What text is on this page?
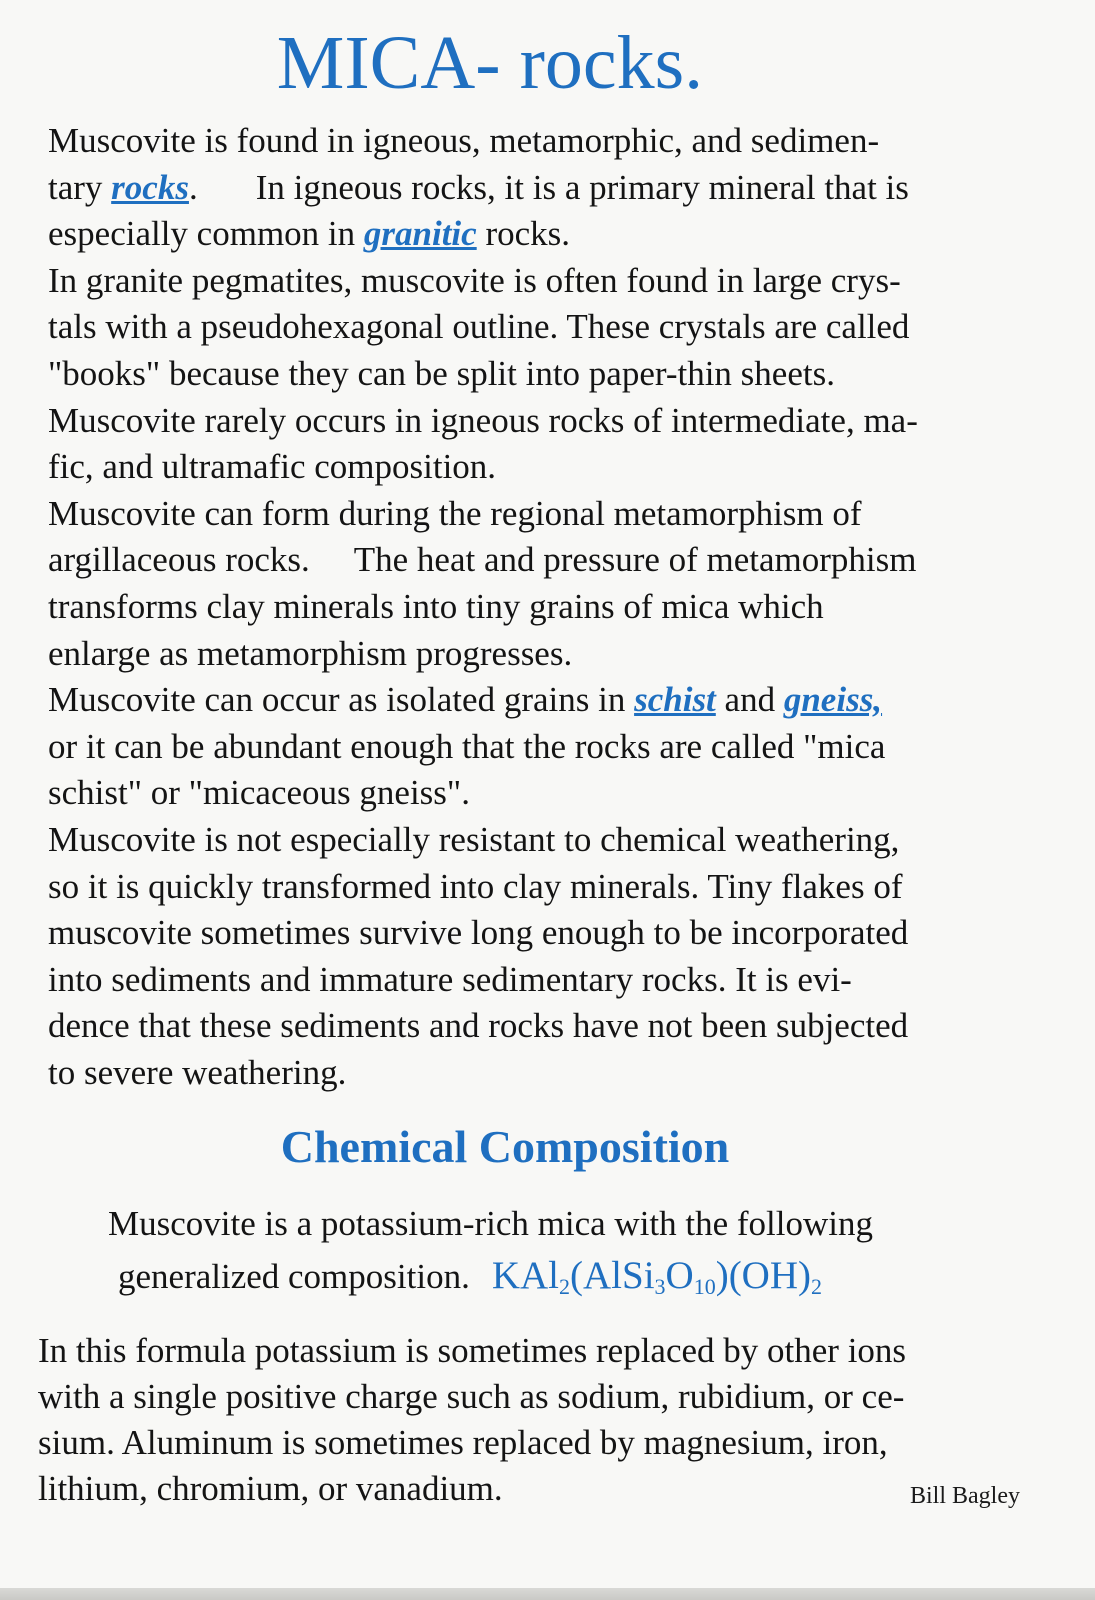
MICA- rocks.
Muscovite is found in igneous, metamorphic, and sedimen-
tary rocks. In igneous rocks, it is a primary mineral that is
especially common in granitic rocks.
In granite pegmatites, muscovite is often found in large crys-
tals with a pseudohexagonal outline. These crystals are called
"books" because they can be split into paper-thin sheets.
Muscovite rarely occurs in igneous rocks of intermediate, ma-
fic, and ultramafic composition.
Muscovite can form during the regional metamorphism of
argillaceous rocks. The heat and pressure of metamorphism
transforms clay minerals into tiny grains of mica which
enlarge as metamorphism progresses.
Muscovite can occur as isolated grains in schist and gneiss,
or it can be abundant enough that the rocks are called "mica
schist" or "micaceous gneiss".
Muscovite is not especially resistant to chemical weathering,
so it is quickly transformed into clay minerals. Tiny flakes of
muscovite sometimes survive long enough to be incorporated
into sediments and immature sedimentary rocks. It is evi-
dence that these sediments and rocks have not been subjected
to severe weathering.
Chemical Composition
Muscovite is a potassium-rich mica with the following
generalized composition. $KAl_2(AlSi_3O_{10})(OH)_2$
In this formula potassium is sometimes replaced by other ions
with a single positive charge such as sodium, rubidium, or ce-
sium. Aluminum is sometimes replaced by magnesium, iron,
lithium, chromium, or vanadium.	Bill Bagley
